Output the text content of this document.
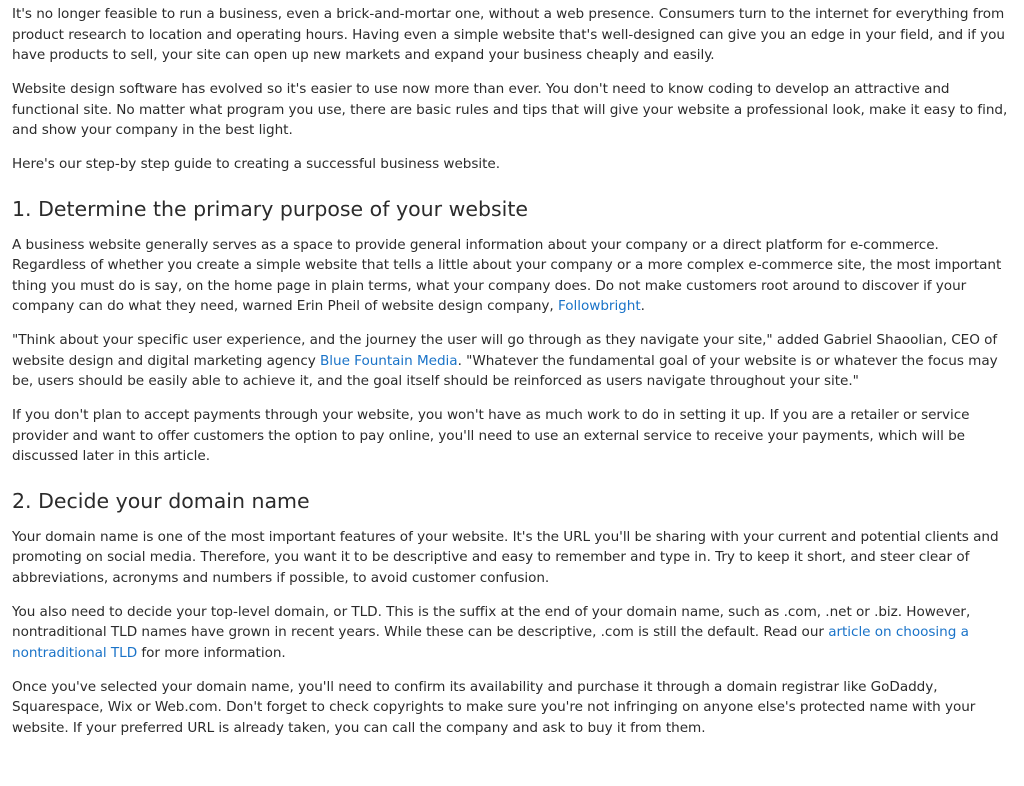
It's no longer feasible to run a business, even a brick-and-mortar one, without a web presence. Consumers turn to the internet for everything from product research to location and operating hours. Having even a simple website that's well-designed can give you an edge in your field, and if you have products to sell, your site can open up new markets and expand your business cheaply and easily.

Website design software has evolved so it's easier to use now more than ever. You don't need to know coding to develop an attractive and functional site. No matter what program you use, there are basic rules and tips that will give your website a professional look, make it easy to find, and show your company in the best light.

Here's our step-by step guide to creating a successful business website.

1. Determine the primary purpose of your website

A business website generally serves as a space to provide general information about your company or a direct platform for e-commerce. Regardless of whether you create a simple website that tells a little about your company or a more complex e-commerce site, the most important thing you must do is say, on the home page in plain terms, what your company does. Do not make customers root around to discover if your company can do what they need, warned Erin Pheil of website design company, Followbright.

"Think about your specific user experience, and the journey the user will go through as they navigate your site," added Gabriel Shaoolian, CEO of website design and digital marketing agency Blue Fountain Media. "Whatever the fundamental goal of your website is or whatever the focus may be, users should be easily able to achieve it, and the goal itself should be reinforced as users navigate throughout your site."

If you don't plan to accept payments through your website, you won't have as much work to do in setting it up. If you are a retailer or service provider and want to offer customers the option to pay online, you'll need to use an external service to receive your payments, which will be discussed later in this article.

2. Decide your domain name

Your domain name is one of the most important features of your website. It's the URL you'll be sharing with your current and potential clients and promoting on social media. Therefore, you want it to be descriptive and easy to remember and type in. Try to keep it short, and steer clear of abbreviations, acronyms and numbers if possible, to avoid customer confusion.

You also need to decide your top-level domain, or TLD. This is the suffix at the end of your domain name, such as .com, .net or .biz. However, nontraditional TLD names have grown in recent years. While these can be descriptive, .com is still the default. Read our article on choosing a nontraditional TLD for more information.

Once you've selected your domain name, you'll need to confirm its availability and purchase it through a domain registrar like GoDaddy, Squarespace, Wix or Web.com. Don't forget to check copyrights to make sure you're not infringing on anyone else's protected name with your website. If your preferred URL is already taken, you can call the company and ask to buy it from them.
